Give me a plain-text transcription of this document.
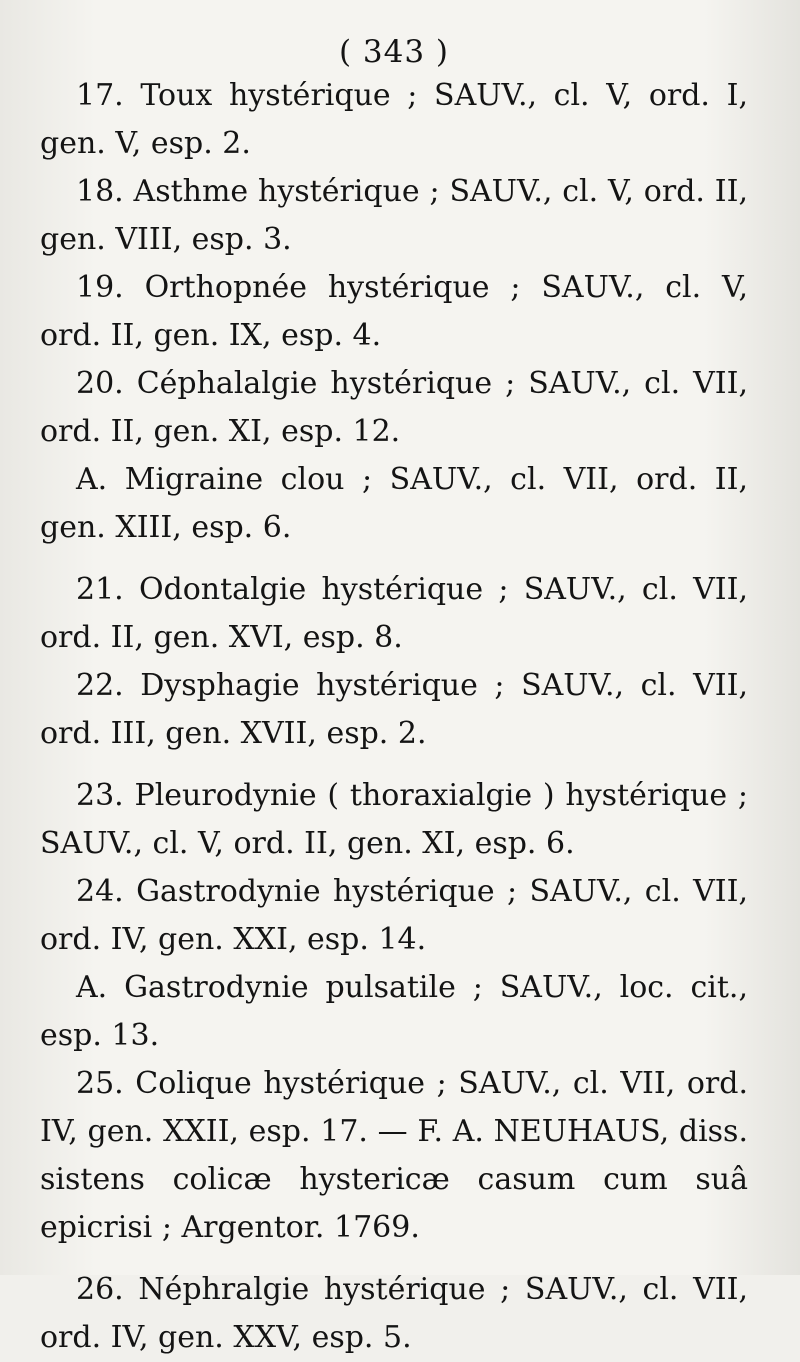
( 343 )

17. Toux hystérique ; SAUV., cl. V, ord. I, gen. V, esp. 2.

18. Asthme hystérique ; SAUV., cl. V, ord. II, gen. VIII, esp. 3.

19. Orthopnée hystérique ; SAUV., cl. V, ord. II, gen. IX, esp. 4.

20. Céphalalgie hystérique ; SAUV., cl. VII, ord. II, gen. XI, esp. 12.

A. Migraine clou ; SAUV., cl. VII, ord. II, gen. XIII, esp. 6.

21. Odontalgie hystérique ; SAUV., cl. VII, ord. II, gen. XVI, esp. 8.

22. Dysphagie hystérique ; SAUV., cl. VII, ord. III, gen. XVII, esp. 2.

23. Pleurodynie ( thoraxialgie ) hystérique ; SAUV., cl. V, ord. II, gen. XI, esp. 6.

24. Gastrodynie hystérique ; SAUV., cl. VII, ord. IV, gen. XXI, esp. 14.

A. Gastrodynie pulsatile ; SAUV., loc. cit., esp. 13.

25. Colique hystérique ; SAUV., cl. VII, ord. IV, gen. XXII, esp. 17. — F. A. NEUHAUS, diss. sistens colicæ hystericæ casum cum suâ epicrisi ; Argentor. 1769.

26. Néphralgie hystérique ; SAUV., cl. VII, ord. IV, gen. XXV, esp. 5.
